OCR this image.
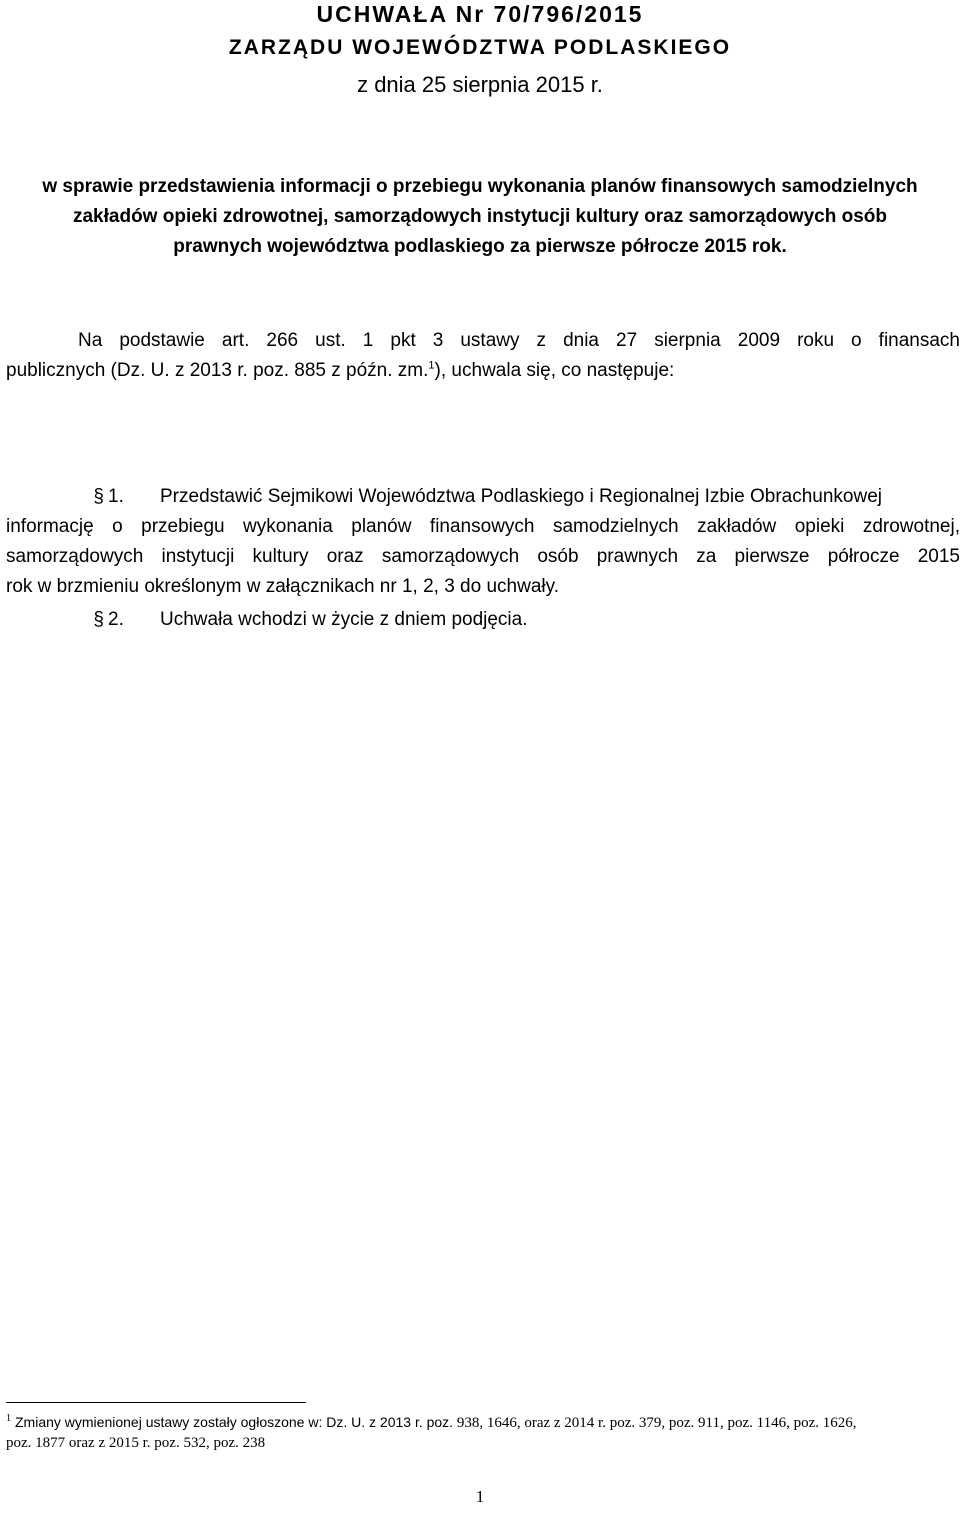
UCHWAŁA Nr 70/796/2015
ZARZĄDU WOJEWÓDZTWA PODLASKIEGO
z dnia 25 sierpnia 2015 r.

w sprawie przedstawienia informacji o przebiegu wykonania planów finansowych samodzielnych
zakładów opieki zdrowotnej, samorządowych instytucji kultury oraz samorządowych osób
prawnych województwa podlaskiego za pierwsze półrocze 2015 rok.

Na podstawie art. 266 ust. 1 pkt 3 ustawy z dnia 27 sierpnia 2009 roku o finansach
publicznych (Dz. U. z 2013 r. poz. 885 z późn. zm.$^1$), uchwala się, co następuje:
§ 1. Przedstawić Sejmikowi Województwa Podlaskiego i Regionalnej Izbie Obrachunkowej
informację o przebiegu wykonania planów finansowych samodzielnych zakładów opieki zdrowotnej,
samorządowych instytucji kultury oraz samorządowych osób prawnych za pierwsze półrocze 2015
rok w brzmieniu określonym w załącznikach nr 1, 2, 3 do uchwały.
§ 2. Uchwała wchodzi w życie z dniem podjęcia.
$^1$ Zmiany wymienionej ustawy zostały ogłoszone w: Dz. U. z 2013 r. poz. 938, 1646, oraz z 2014 r. poz. 379, poz. 911, poz. 1146, poz. 1626,
poz. 1877 oraz z 2015 r. poz. 532, poz. 238
1
